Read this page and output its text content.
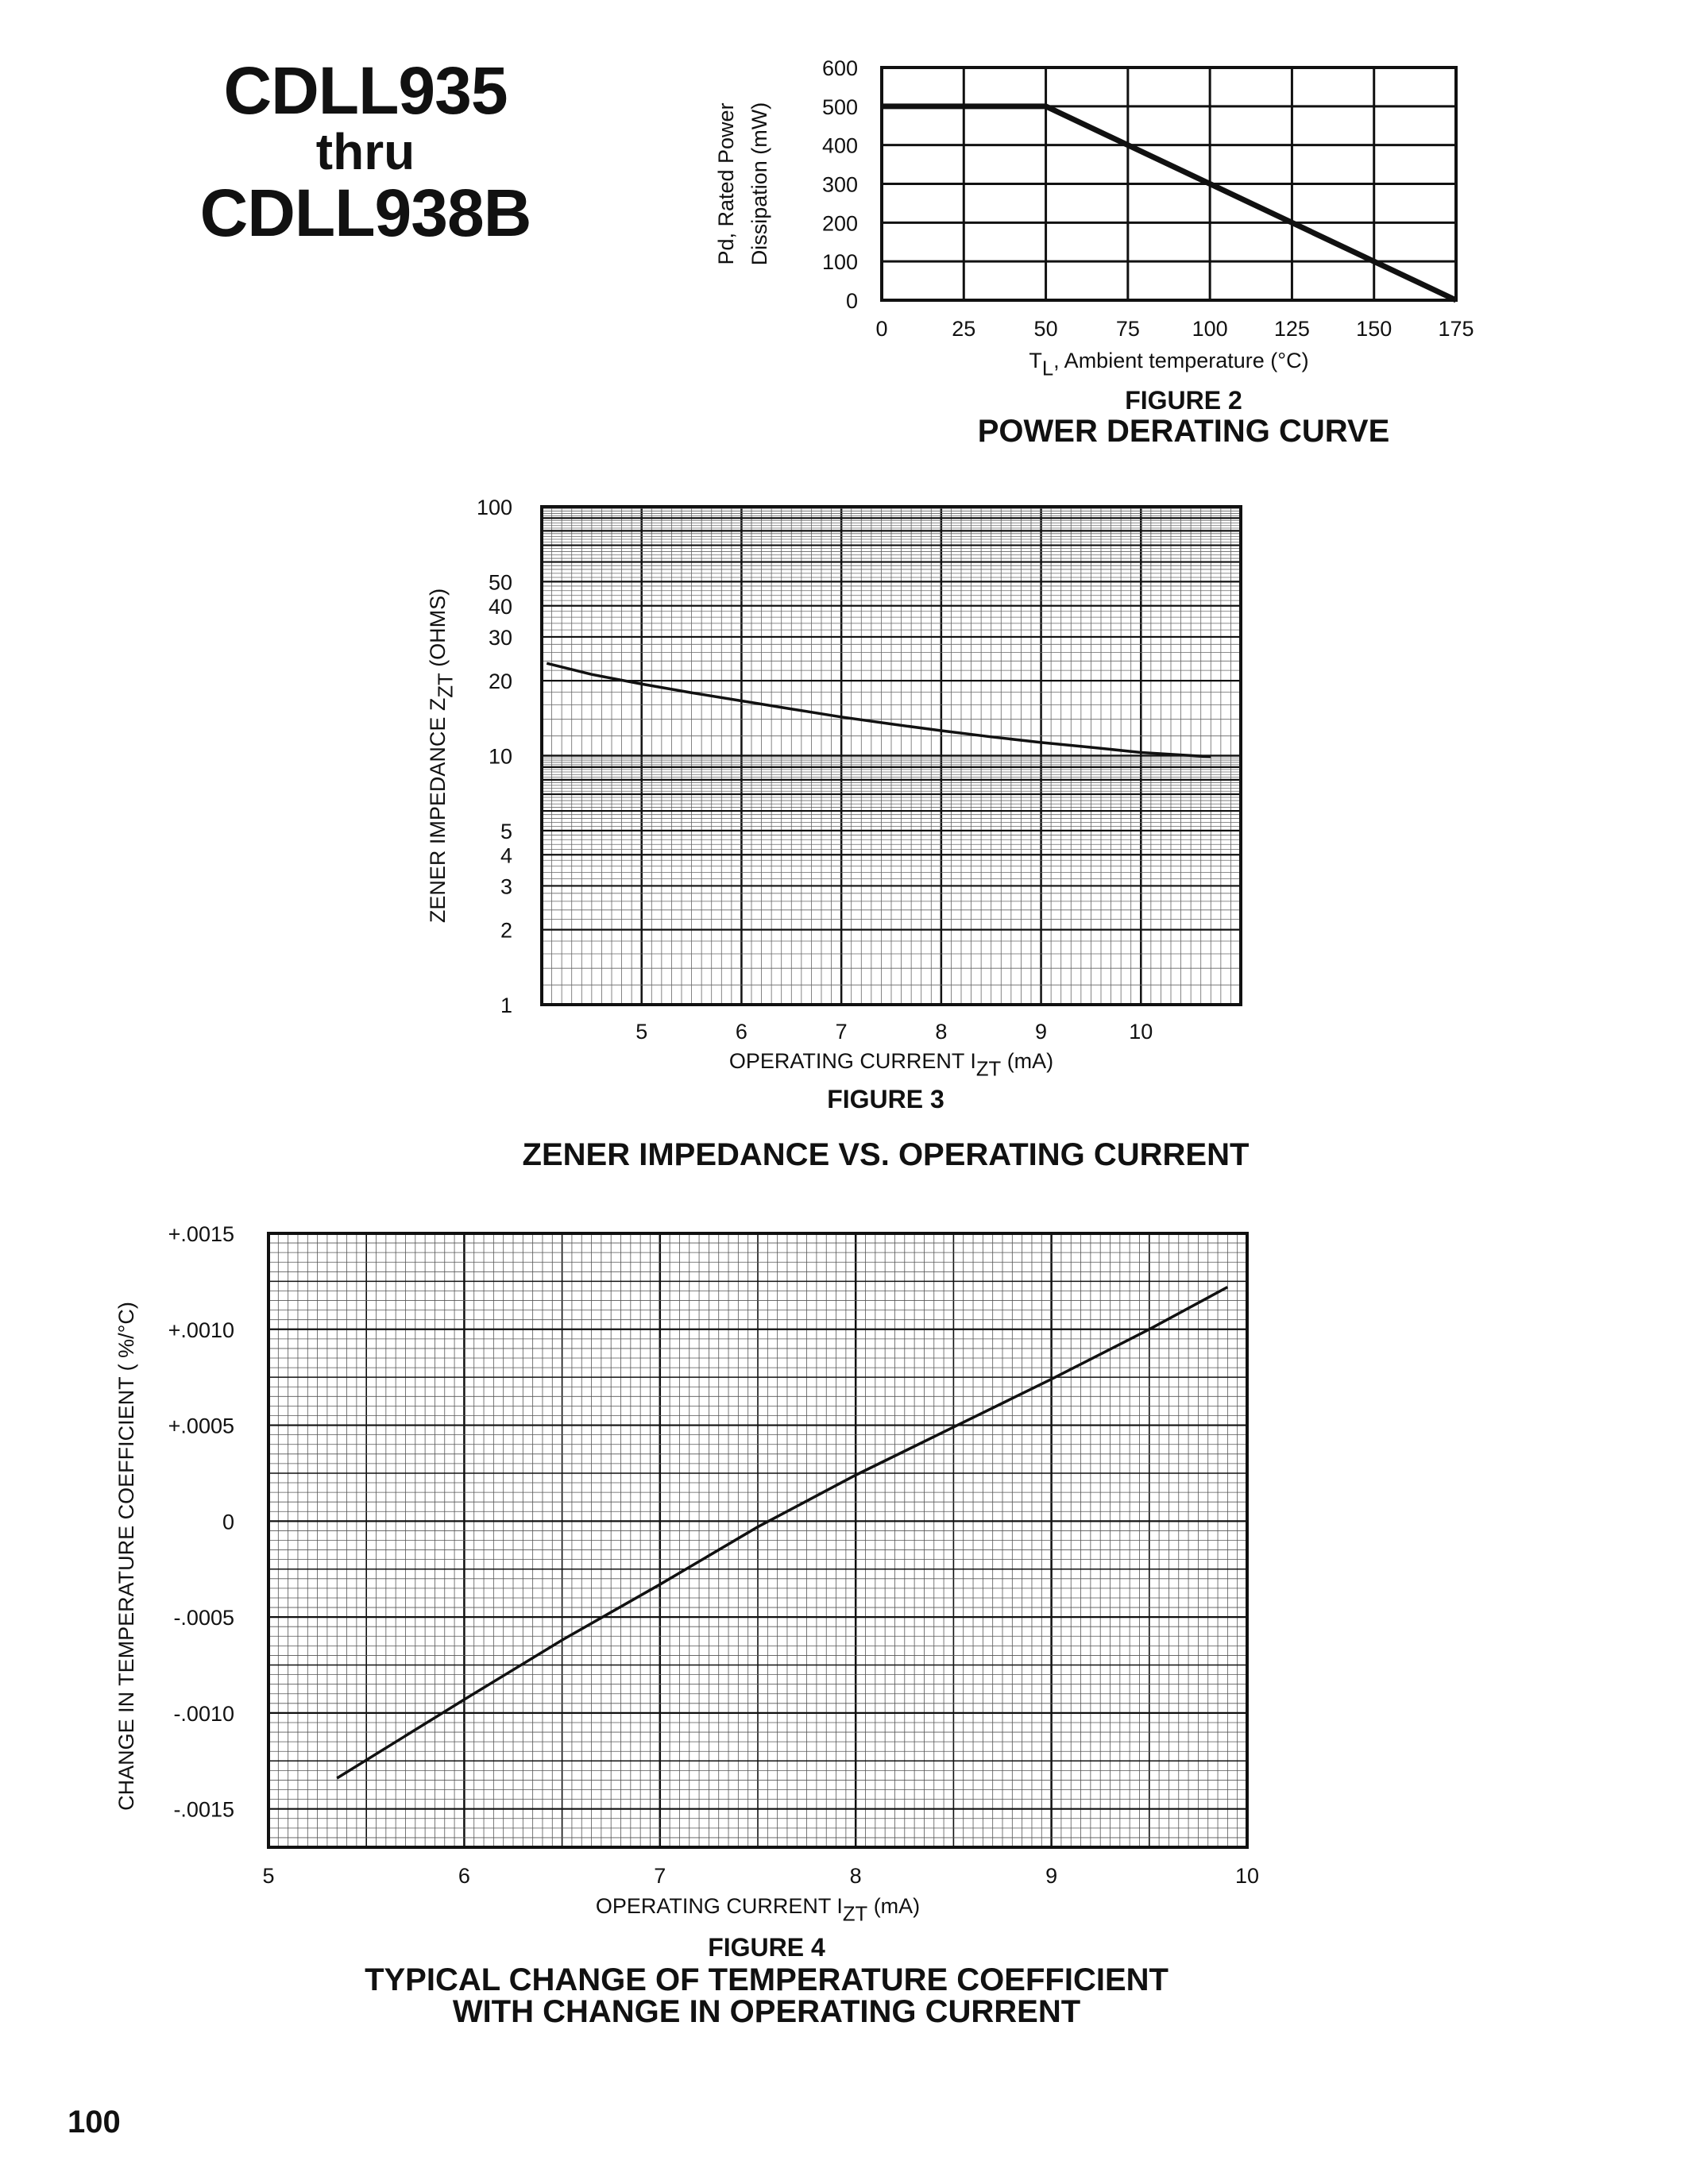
CDLL935
thru
CDLL938B
0	25	50	75 100 125 150 175
0
100
200
300
400
500
600
TL, Ambient temperature (°C)
Pd, Rated Power Dissipation (mW)
FIGURE 2
POWER DERATING CURVE
5	6	7	8	9	10
1
2
3
4
5
10
20
30
40
50
100
OPERATING CURRENT IZT (mA)
ZENER IMPEDANCE ZZT (OHMS)
FIGURE 3
ZENER IMPEDANCE VS. OPERATING CURRENT
5	6	7	8	9	10
+.0015
+.0010
+.0005
0
-.0005
-.0010
-.0015
OPERATING CURRENT IZT (mA)
CHANGE IN TEMPERATURE COEFFICIENT ( %/°C)
FIGURE 4
TYPICAL CHANGE OF TEMPERATURE COEFFICIENT
WITH CHANGE IN OPERATING CURRENT
100
